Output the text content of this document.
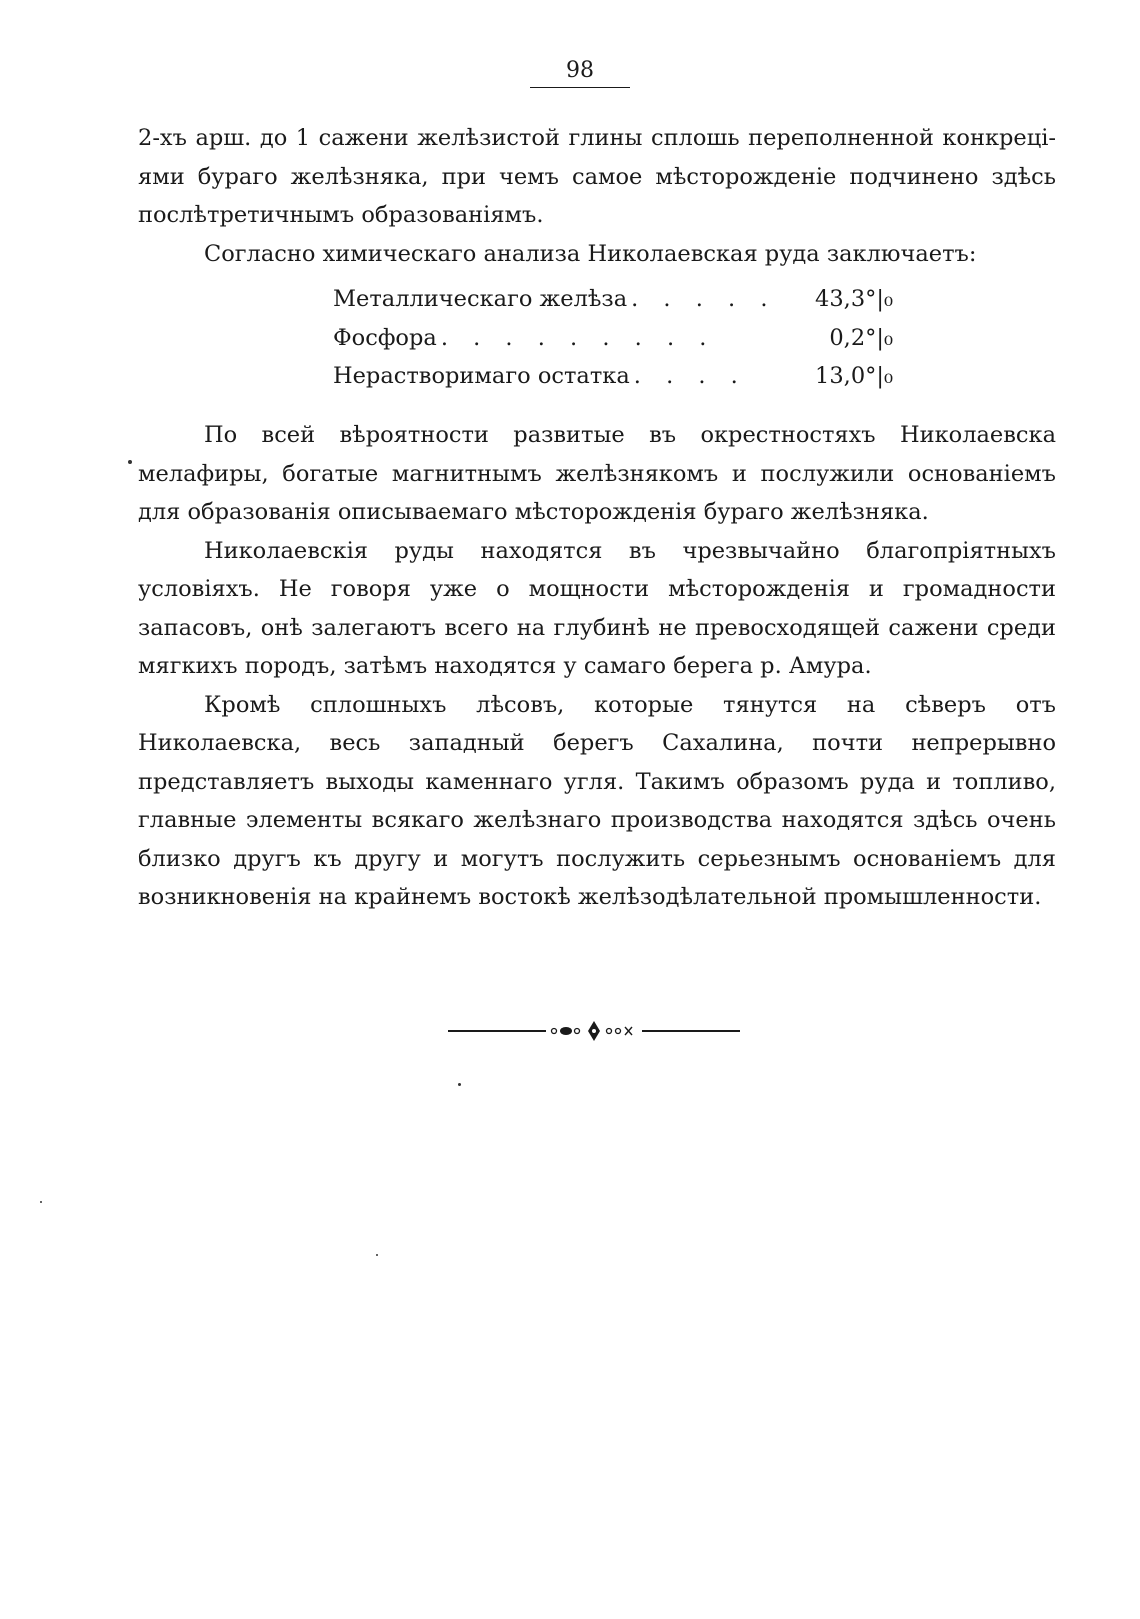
98

2-хъ арш. до 1 сажени желѣзистой глины сплошь переполненной конкрецi-

ями бураго желѣзняка, при чемъ самое мѣсторожденіе подчинено здѣсь

послѣтретичнымъ образованіямъ.

Согласно химическаго анализа Николаевская руда заключаетъ:

Металлическаго желѣза . . . . .	43,3°|₀
Фосфора . . . . . . . . .	0,2°|₀
Нерастворимаго остатка . . . .	13,0°|₀

По всей вѣроятности развитые въ окрестностяхъ Николаевска мелафиры, богатые магнитнымъ желѣзнякомъ и послужили основаніемъ для образованія описываемаго мѣсторожденія бураго желѣзняка.

Николаевскія руды находятся въ чрезвычайно благопріятныхъ условіяхъ. Не говоря уже о мощности мѣсторожденія и громадности запасовъ, онѣ залегаютъ всего на глубинѣ не превосходящей сажени среди мягкихъ породъ, затѣмъ находятся у самаго берега р. Амура.

Кромѣ сплошныхъ лѣсовъ, которые тянутся на сѣверъ отъ Николаевска, весь западный берегъ Сахалина, почти непрерывно представляетъ выходы каменнаго угля. Такимъ образомъ руда и топливо, главные элементы всякаго желѣзнаго производства находятся здѣсь очень близко другъ къ другу и могутъ послужить серьезнымъ основаніемъ для возникновенія на крайнемъ востокѣ желѣзодѣлательной промышленности.
